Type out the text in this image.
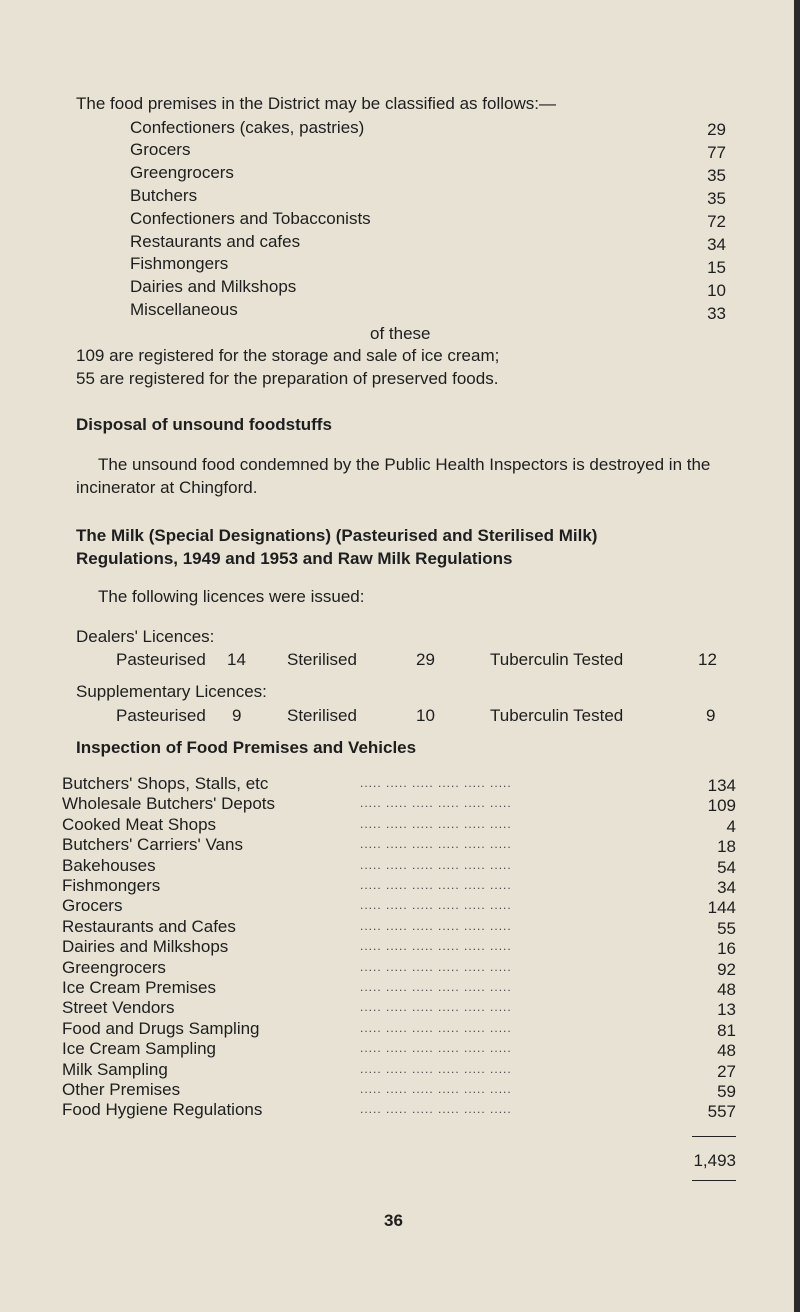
The food premises in the District may be classified as follows:—
Confectioners (cakes, pastries)	29
Grocers	77
Greengrocers	35
Butchers	35
Confectioners and Tobacconists	72
Restaurants and cafes	34
Fishmongers	15
Dairies and Milkshops	10
Miscellaneous	33
of these
109 are registered for the storage and sale of ice cream;
55 are registered for the preparation of preserved foods.
Disposal of unsound foodstuffs
The unsound food condemned by the Public Health Inspectors is destroyed in the incinerator at Chingford.
The Milk (Special Designations) (Pasteurised and Sterilised Milk)
Regulations, 1949 and 1953 and Raw Milk Regulations
The following licences were issued:
Dealers' Licences:
Pasteurised 14 Sterilised	29	Tuberculin Tested	12
Supplementary Licences:
Pasteurised 9	Sterilised	10	Tuberculin Tested	9
Inspection of Food Premises and Vehicles
Butchers' Shops, Stalls, etc	..... ..... ..... ..... ..... .....	134
Wholesale Butchers' Depots	..... ..... ..... ..... ..... .....	109
Cooked Meat Shops	..... ..... ..... ..... ..... .....	4
Butchers' Carriers' Vans	..... ..... ..... ..... ..... .....	18
Bakehouses	..... ..... ..... ..... ..... .....	54
Fishmongers	..... ..... ..... ..... ..... .....	34
Grocers	..... ..... ..... ..... ..... .....	144
Restaurants and Cafes	..... ..... ..... ..... ..... .....	55
Dairies and Milkshops	..... ..... ..... ..... ..... .....	16
Greengrocers	..... ..... ..... ..... ..... .....	92
Ice Cream Premises	..... ..... ..... ..... ..... .....	48
Street Vendors	..... ..... ..... ..... ..... .....	13
Food and Drugs Sampling	..... ..... ..... ..... ..... .....	81
Ice Cream Sampling	..... ..... ..... ..... ..... .....	48
Milk Sampling	..... ..... ..... ..... ..... .....	27
Other Premises	..... ..... ..... ..... ..... .....	59
Food Hygiene Regulations	..... ..... ..... ..... ..... .....	557
1,493
36
